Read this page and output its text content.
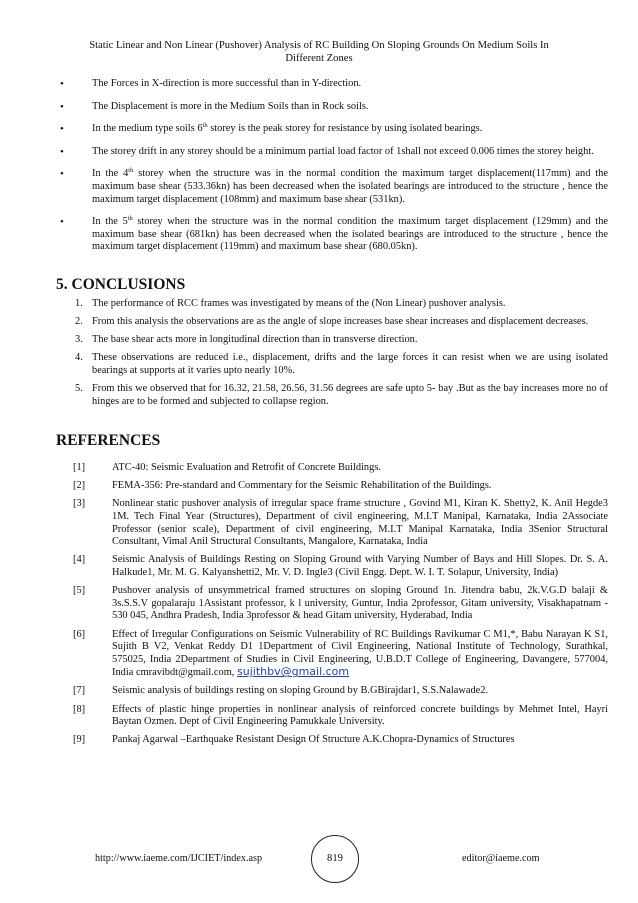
Static Linear and Non Linear (Pushover) Analysis of RC Building On Sloping Grounds On Medium Soils In
Different Zones
•	The Forces in X-direction is more successful than in Y-direction.
•	The Displacement is more in the Medium Soils than in Rock soils.
•	In the medium type soils 6th storey is the peak storey for resistance by using isolated bearings.
•	The storey drift in any storey should be a minimum partial load factor of 1shall not exceed 0.006 times the storey height.
•	In the 4th storey when the structure was in the normal condition the maximum target displacement(117mm) and the maximum base shear (533.36kn) has been decreased when the isolated bearings are introduced to the structure , hence the maximum target displacement (108mm) and maximum base shear (531kn).
•	In the 5th storey when the structure was in the normal condition the maximum target displacement (129mm) and the maximum base shear (681kn) has been decreased when the isolated bearings are introduced to the structure , hence the maximum target displacement (119mm) and maximum base shear (680.05kn).
5. CONCLUSIONS
1. The performance of RCC frames was investigated by means of the (Non Linear) pushover analysis.
2. From this analysis the observations are as the angle of slope increases base shear increases and displacement decreases.
3. The base shear acts more in longitudinal direction than in transverse direction.
4. These observations are reduced i.e., displacement, drifts and the large forces it can resist when we are using isolated bearings at supports at it varies upto nearly 10%.
5. From this we observed that for 16.32, 21.58, 26.56, 31.56 degrees are safe upto 5- bay .But as the bay increases more no of hinges are to be formed and subjected to collapse region.
REFERENCES
[1]	ATC-40: Seismic Evaluation and Retrofit of Concrete Buildings.
[2]	FEMA-356: Pre-standard and Commentary for the Seismic Rehabilitation of the Buildings.
[3]	Nonlinear static pushover analysis of irregular space frame structure , Govind M1, Kiran K. Shetty2, K. Anil Hegde3 1M. Tech Final Year (Structures), Department of civil engineering, M.I.T Manipal, Karnataka, India 2Associate Professor (senior scale), Department of civil engineering, M.I.T Manipal Karnataka, India 3Senior Structural Consultant, Vimal Anil Structural Consultants, Mangalore, Karnataka, India
[4]	Seismic Analysis of Buildings Resting on Sloping Ground with Varying Number of Bays and Hill Slopes. Dr. S. A. Halkude1, Mr. M. G. Kalyanshetti2, Mr. V. D. Ingle3 (Civil Engg. Dept. W. I. T. Solapur, University, India)
[5]	Pushover analysis of unsymmetrical framed structures on sloping Ground 1n. Jitendra babu, 2k.V.G.D balaji & 3s.S.S.V gopalaraju 1Assistant professor, k l university, Guntur, India 2professor, Gitam university, Visakhapatnam - 530 045, Andhra Pradesh, India 3professor & head Gitam university, Hyderabad, India
[6]	Effect of Irregular Configurations on Seismic Vulnerability of RC Buildings Ravikumar C M1,*, Babu Narayan K S1, Sujith B V2, Venkat Reddy D1 1Department of Civil Engineering, National Institute of Technology, Surathkal, 575025, India 2Department of Studies in Civil Engineering, U.B.D.T College of Engineering, Davangere, 577004, India cmravibdt@gmail.com, sujithbv@gmail.com
[7]	Seismic analysis of buildings resting on sloping Ground by B.GBirajdar1, S.S.Nalawade2.
[8]	Effects of plastic hinge properties in nonlinear analysis of reinforced concrete buildings by Mehmet Intel, Hayri Baytan Ozmen. Dept of Civil Engineering Pamukkale University.
[9]	Pankaj Agarwal –Earthquake Resistant Design Of Structure A.K.Chopra-Dynamics of Structures
http://www.iaeme.com/IJCIET/index.asp	819	editor@iaeme.com
